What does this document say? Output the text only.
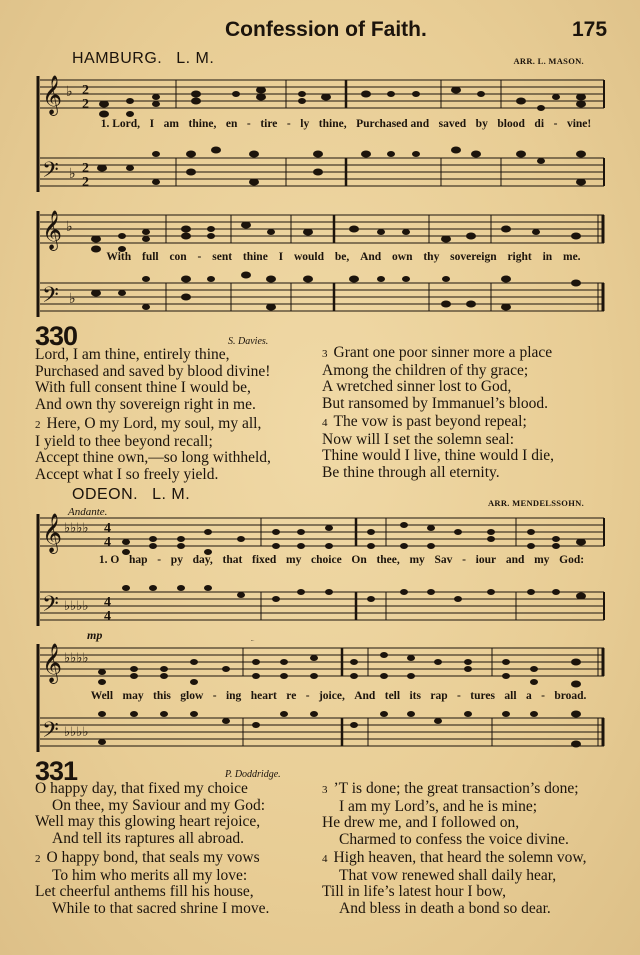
Confession of Faith.	175
HAMBURG. L. M.	ARR. L. MASON.
𝄞
𝄢
♭
♭
2
2
2
2
1. Lord, I am thine, en - tire - ly thine, Purchased and saved by blood di - vine!
𝄞
𝄢
♭
♭
With full con - sent thine I would be, And own thy sovereign right in me.
330	S. Davies.
Lord, I am thine, entirely thine,
Purchased and saved by blood divine!
With full consent thine I would be,
And own thy sovereign right in me.
2 Here, O my Lord, my soul, my all,
I yield to thee beyond recall;
Accept thine own,—so long withheld,
Accept what I so freely yield.
3 Grant one poor sinner more a place
Among the children of thy grace;
A wretched sinner lost to God,
But ransomed by Immanuel’s blood.
4 The vow is past beyond repeal;
Now will I set the solemn seal:
Thine would I live, thine would I die,
Be thine through all eternity.
ODEON. L. M.
Andante.
ARR. MENDELSSOHN.
𝄞
𝄢
♭♭♭♭
♭♭♭♭
4
4
4
4
1. O hap - py day, that fixed my choice On thee, my Sav - iour and my God:
mp
𝄞
𝄢
♭♭♭♭
♭♭♭♭
Well may this glow - ing heart re - joice, And tell its rap - tures all a - broad.
331	P. Doddridge.
O happy day, that fixed my choice
On thee, my Saviour and my God:
Well may this glowing heart rejoice,
And tell its raptures all abroad.
2 O happy bond, that seals my vows
To him who merits all my love:
Let cheerful anthems fill his house,
While to that sacred shrine I move.
3 ’T is done; the great transaction’s done;
I am my Lord’s, and he is mine;
He drew me, and I followed on,
Charmed to confess the voice divine.
4 High heaven, that heard the solemn vow,
That vow renewed shall daily hear,
Till in life’s latest hour I bow,
And bless in death a bond so dear.
